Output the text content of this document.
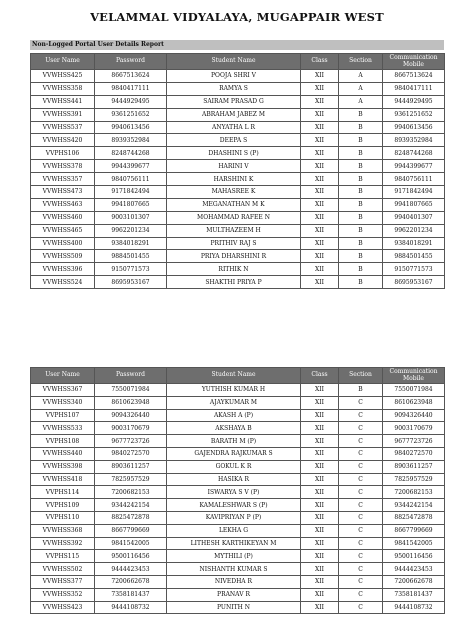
VELAMMAL VIDYALAYA, MUGAPPAIR WEST
Non-Logged Portal User Details Report
User Name	Password	Student Name	Class	Section	Communication Mobile
VVWHSS425	8667513624	POOJA SHRI V	XII	A	8667513624
VVWHSS358	9840417111	RAMYA S	XII	A	9840417111
VVWHSS441	9444929495	SAIRAM PRASAD G	XII	A	9444929495
VVWHSS391	9361251652	ABRAHAM JABEZ M	XII	B	9361251652
VVWHSS537	9940613456	ANYATHA L R	XII	B	9940613456
VVWHSS420	8939352984	DEEPA S	XII	B	8939352984
VVPHS106	8248744268	DHASHINI S (P)	XII	B	8248744268
VVWHSS378	9944399677	HARINI V	XII	B	9944399677
VVWHSS357	9840756111	HARSHINI K	XII	B	9840756111
VVWHSS473	9171842494	MAHASREE K	XII	B	9171842494
VVWHSS463	9941807665	MEGANATHAN M K	XII	B	9941807665
VVWHSS460	9003101307	MOHAMMAD RAFEE N	XII	B	9940401307
VVWHSS465	9962201234	MULTHAZEEM H	XII	B	9962201234
VVWHSS400	9384018291	PRITHIV RAJ S	XII	B	9384018291
VVWHSS509	9884501455	PRIYA DHARSHINI R	XII	B	9884501455
VVWHSS396	9150771573	RITHIK N	XII	B	9150771573
VVWHSS524	8695953167	SHAKTHI PRIYA P	XII	B	8695953167
User Name	Password	Student Name	Class	Section	Communication Mobile
VVWHSS367	7550071984	YUTHISH KUMAR H	XII	B	7550071984
VVWHSS340	8610623948	AJAYKUMAR M	XII	C	8610623948
VVPHS107	9094326440	AKASH A (P)	XII	C	9094326440
VVWHSS533	9003170679	AKSHAYA B	XII	C	9003170679
VVPHS108	9677723726	BARATH M (P)	XII	C	9677723726
VVWHSS440	9840272570	GAJENDRA RAJKUMAR S	XII	C	9840272570
VVWHSS398	8903611257	GOKUL K R	XII	C	8903611257
VVWHSS418	7825957529	HASIKA R	XII	C	7825957529
VVPHS114	7200682153	ISWARYA S V (P)	XII	C	7200682153
VVPHS109	9344242154	KAMALESHWAR S (P)	XII	C	9344242154
VVPHS110	8825472878	KAVIPRIYAN P (P)	XII	C	8825472878
VVWHSS368	8667799669	LEKHA G	XII	C	8667799669
VVWHSS392	9841542005	LITHESH KARTHIKEYAN M	XII	C	9841542005
VVPHS115	9500116456	MYTHILI (P)	XII	C	9500116456
VVWHSS502	9444423453	NISHANTH KUMAR S	XII	C	9444423453
VVWHSS377	7200662678	NIVEDHA R	XII	C	7200662678
VVWHSS352	7358181437	PRANAV R	XII	C	7358181437
VVWHSS423	9444108732	PUNITH N	XII	C	9444108732
